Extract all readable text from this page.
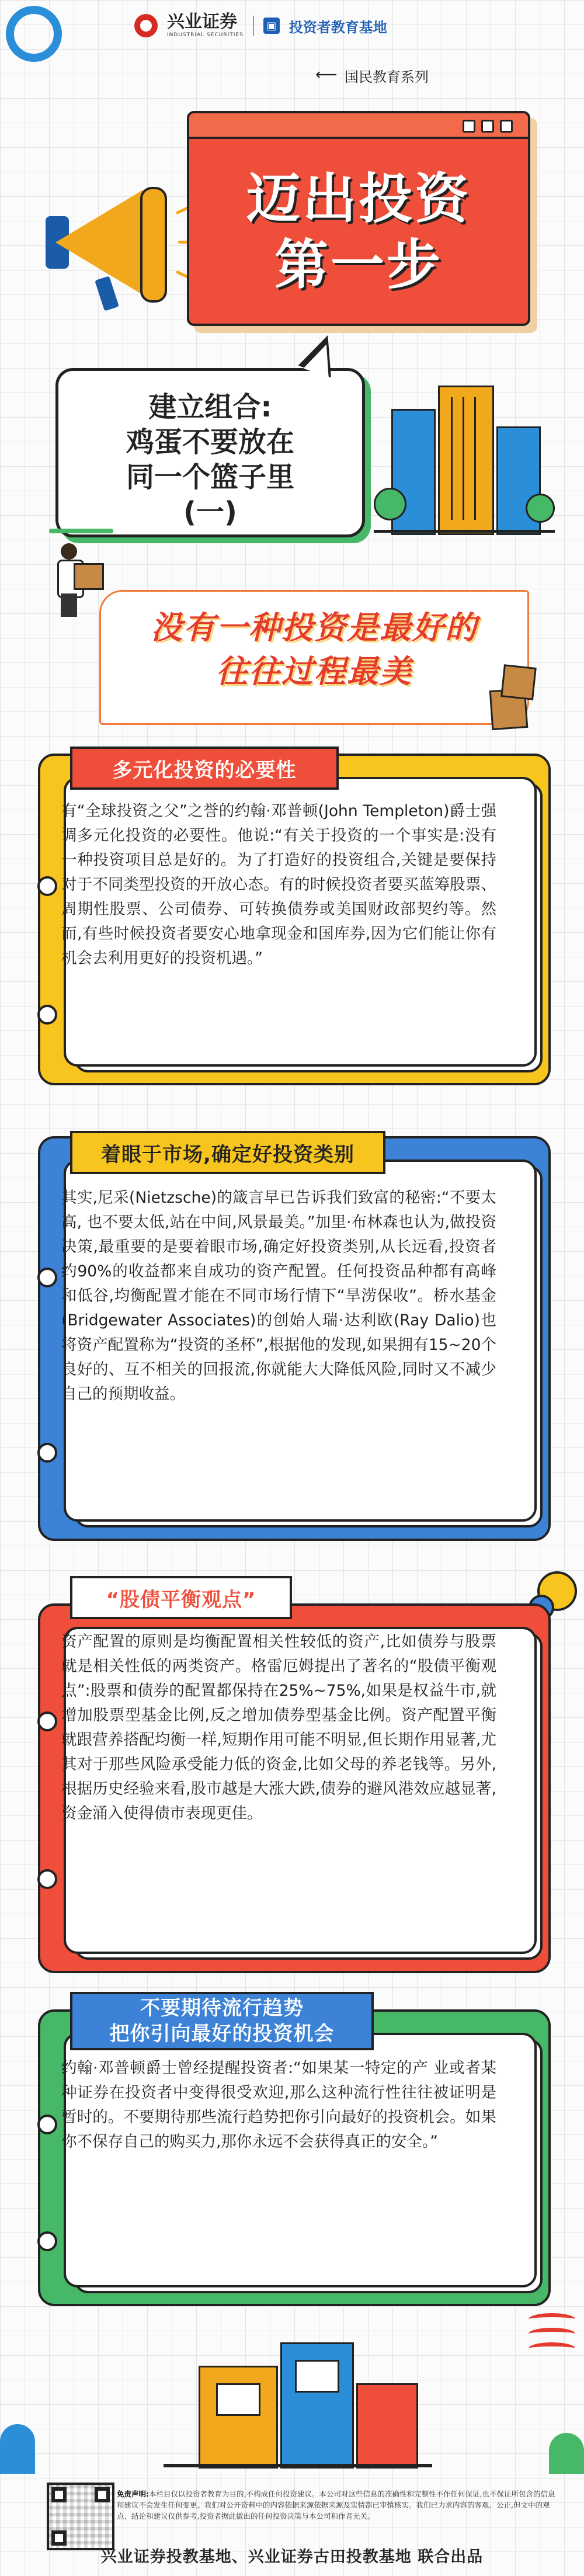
兴业证券
INDUSTRIAL SECURITIES
▣ 投资者教育基地
⟵ 国民教育系列
迈出投资
第一步
建立组合:
鸡蛋不要放在
同一个篮子里
(一)
没有一种投资是最好的
往往过程最美
多元化投资的必要性
有“全球投资之父”之誉的约翰·邓普顿(John Templeton)爵士强调多元化投资的必要性。他说:“有关于投资的一个事实是:没有一种投资项目总是好的。为了打造好的投资组合,关键是要保持对于不同类型投资的开放心态。有的时候投资者要买蓝筹股票、周期性股票、公司债券、可转换债券或美国财政部契约等。然而,有些时候投资者要安心地拿现金和国库券,因为它们能让你有机会去利用更好的投资机遇。”
着眼于市场,确定好投资类别
其实,尼采(Nietzsche)的箴言早已告诉我们致富的秘密:“不要太高, 也不要太低,站在中间,风景最美。”加里·布林森也认为,做投资决策,最重要的是要着眼市场,确定好投资类别,从长远看,投资者约90%的收益都来自成功的资产配置。任何投资品种都有高峰和低谷,均衡配置才能在不同市场行情下“旱涝保收”。桥水基金(Bridgewater Associates)的创始人瑞·达利欧(Ray Dalio)也将资产配置称为“投资的圣杯”,根据他的发现,如果拥有15~20个良好的、互不相关的回报流,你就能大大降低风险,同时又不减少自己的预期收益。
“股债平衡观点”
资产配置的原则是均衡配置相关性较低的资产,比如债券与股票就是相关性低的两类资产。格雷厄姆提出了著名的“股债平衡观点”:股票和债券的配置都保持在25%~75%,如果是权益牛市,就增加股票型基金比例,反之增加债券型基金比例。资产配置平衡就跟营养搭配均衡一样,短期作用可能不明显,但长期作用显著,尤其对于那些风险承受能力低的资金,比如父母的养老钱等。另外,根据历史经验来看,股市越是大涨大跌,债券的避风港效应越显著,资金涌入使得债市表现更佳。
不要期待流行趋势
把你引向最好的投资机会
约翰·邓普顿爵士曾经提醒投资者:“如果某一特定的产 业或者某种证券在投资者中变得很受欢迎,那么这种流行性往往被证明是暂时的。不要期待那些流行趋势把你引向最好的投资机会。如果你不保存自己的购买力,那你永远不会获得真正的安全。”
免责声明:本栏目仅以投资者教育为目的,不构成任何投资建议。本公司对这些信息的准确性和完整性不作任何保证,也不保证所包含的信息和建议不会发生任何变更。我们对公开资料中的内容依据来源依据来源及实情都已审慎核实。我们已力求内容的客观、公正,但文中的观点、结论和建议仅供参考,投资者据此做出的任何投资决策与本公司和作者无关。
兴业证券投教基地、兴业证券古田投教基地 联合出品
